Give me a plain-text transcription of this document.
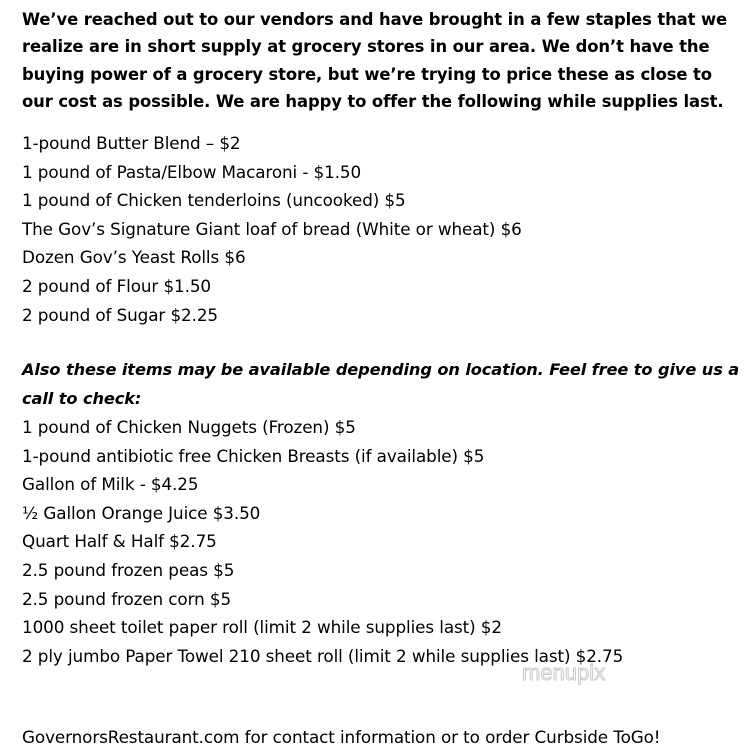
We’ve reached out to our vendors and have brought in a few staples that we realize are in short supply at grocery stores in our area. We don’t have the buying power of a grocery store, but we’re trying to price these as close to our cost as possible. We are happy to offer the following while supplies last.

1-pound Butter Blend – $2
1 pound of Pasta/Elbow Macaroni - $1.50
1 pound of Chicken tenderloins (uncooked) $5
The Gov’s Signature Giant loaf of bread (White or wheat) $6
Dozen Gov’s Yeast Rolls $6
2 pound of Flour $1.50
2 pound of Sugar $2.25

Also these items may be available depending on location. Feel free to give us a call to check:

1 pound of Chicken Nuggets (Frozen) $5
1-pound antibiotic free Chicken Breasts (if available) $5
Gallon of Milk - $4.25
½ Gallon Orange Juice $3.50
Quart Half & Half $2.75
2.5 pound frozen peas $5
2.5 pound frozen corn $5
1000 sheet toilet paper roll (limit 2 while supplies last) $2
2 ply jumbo Paper Towel 210 sheet roll (limit 2 while supplies last) $2.75
menupix
GovernorsRestaurant.com for contact information or to order Curbside ToGo!
